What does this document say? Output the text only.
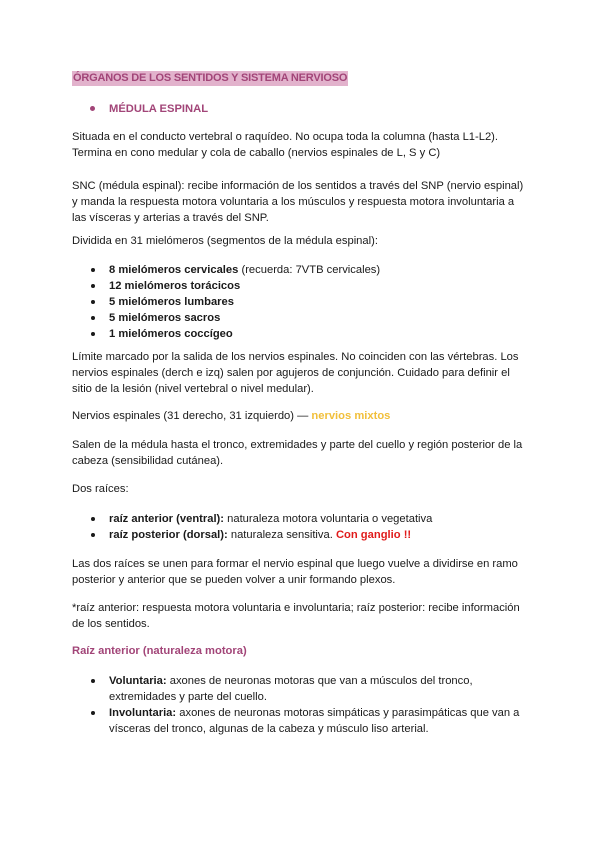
ÓRGANOS DE LOS SENTIDOS Y SISTEMA NERVIOSO
MÉDULA ESPINAL

Situada en el conducto vertebral o raquídeo. No ocupa toda la columna (hasta L1-L2).

Termina en cono medular y cola de caballo (nervios espinales de L, S y C)

SNC (médula espinal): recibe información de los sentidos a través del SNP (nervio espinal)

y manda la respuesta motora voluntaria a los músculos y respuesta motora involuntaria a

las vísceras y arterias a través del SNP.

Dividida en 31 mielómeros (segmentos de la médula espinal):

8 mielómeros cervicales (recuerda: 7VTB cervicales)
12 mielómeros torácicos
5 mielómeros lumbares
5 mielómeros sacros
1 mielómeros coccígeo

Límite marcado por la salida de los nervios espinales. No coinciden con las vértebras. Los

nervios espinales (derch e izq) salen por agujeros de conjunción. Cuidado para definir el

sitio de la lesión (nivel vertebral o nivel medular).

Nervios espinales (31 derecho, 31 izquierdo) — nervios mixtos

Salen de la médula hasta el tronco, extremidades y parte del cuello y región posterior de la

cabeza (sensibilidad cutánea).

Dos raíces:

raíz anterior (ventral): naturaleza motora voluntaria o vegetativa
raíz posterior (dorsal): naturaleza sensitiva. Con ganglio !!

Las dos raíces se unen para formar el nervio espinal que luego vuelve a dividirse en ramo

posterior y anterior que se pueden volver a unir formando plexos.

*raíz anterior: respuesta motora voluntaria e involuntaria; raíz posterior: recibe información

de los sentidos.

Raíz anterior (naturaleza motora)
Voluntaria: axones de neuronas motoras que van a músculos del tronco,
extremidades y parte del cuello.
Involuntaria: axones de neuronas motoras simpáticas y parasimpáticas que van a
vísceras del tronco, algunas de la cabeza y músculo liso arterial.
